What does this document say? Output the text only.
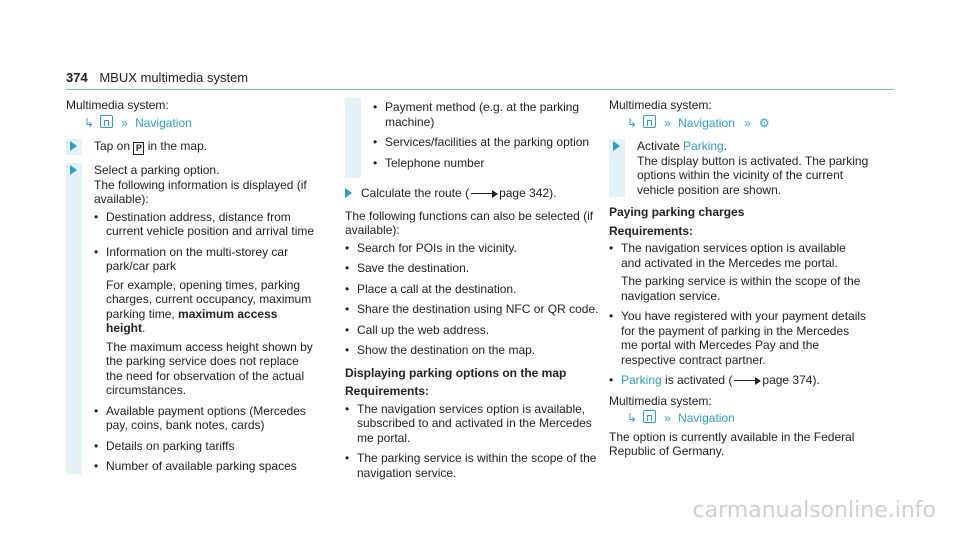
374 MBUX multimedia system

Multimedia system:

↳ » Navigation
Tap on P in the map.

Select a parking option.

The following information is displayed (if available):

• Destination address, distance from current vehicle position and arrival time
• Information on the multi-storey car park/car park

For example, opening times, parking charges, current occupancy, maximum parking time, maximum access height.

The maximum access height shown by the parking service does not replace the need for observation of the actual circumstances.

• Available payment options (Mercedes pay, coins, bank notes, cards)
• Details on parking tariffs
• Number of available parking spaces
• Payment method (e.g. at the parking machine)
• Services/facilities at the parking option
• Telephone number
Calculate the route (	page 342).

The following functions can also be selected (if available):

• Search for POIs in the vicinity.
• Save the destination.
• Place a call at the destination.
• Share the destination using NFC or QR code.
• Call up the web address.
• Show the destination on the map.

Displaying parking options on the map

Requirements:

• The navigation services option is available, subscribed to and activated in the Mercedes me portal.
• The parking service is within the scope of the navigation service.

Multimedia system:

↳ » Navigation » ⚙

Activate Parking.

The display button is activated. The parking options within the vicinity of the current vehicle position are shown.

Paying parking charges

Requirements:

• The navigation services option is available and activated in the Mercedes me portal.

The parking service is within the scope of the navigation service.

• You have registered with your payment details for the payment of parking in the Mercedes me portal with Mercedes Pay and the respective contract partner.
• Parking is activated (	page 374).

Multimedia system:

↳ » Navigation

The option is currently available in the Federal Republic of Germany.

carmanualsonline.info
